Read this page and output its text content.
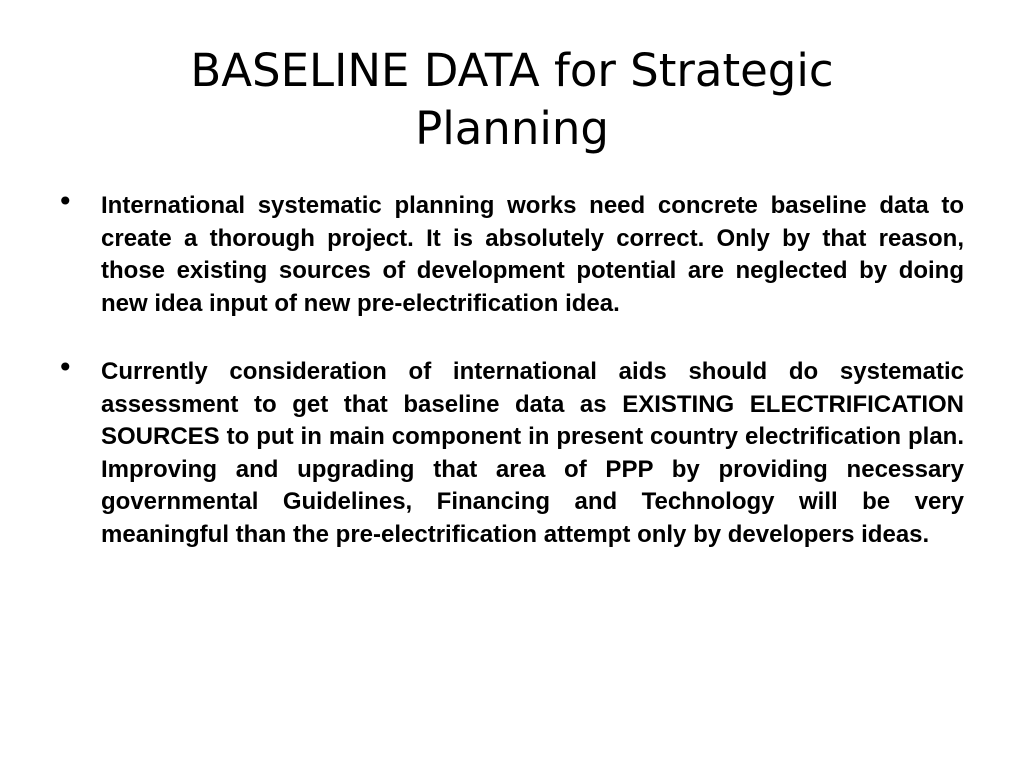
BASELINE DATA for Strategic Planning
• International systematic planning works need concrete baseline data to create a thorough project. It is absolutely correct. Only by that reason, those existing sources of development potential are neglected by doing new idea input of new pre-electrification idea.
• Currently consideration of international aids should do systematic assessment to get that baseline data as EXISTING ELECTRIFICATION SOURCES to put in main component in present country electrification plan. Improving and upgrading that area of PPP by providing necessary governmental Guidelines, Financing and Technology will be very meaningful than the pre-electrification attempt only by developers ideas.
